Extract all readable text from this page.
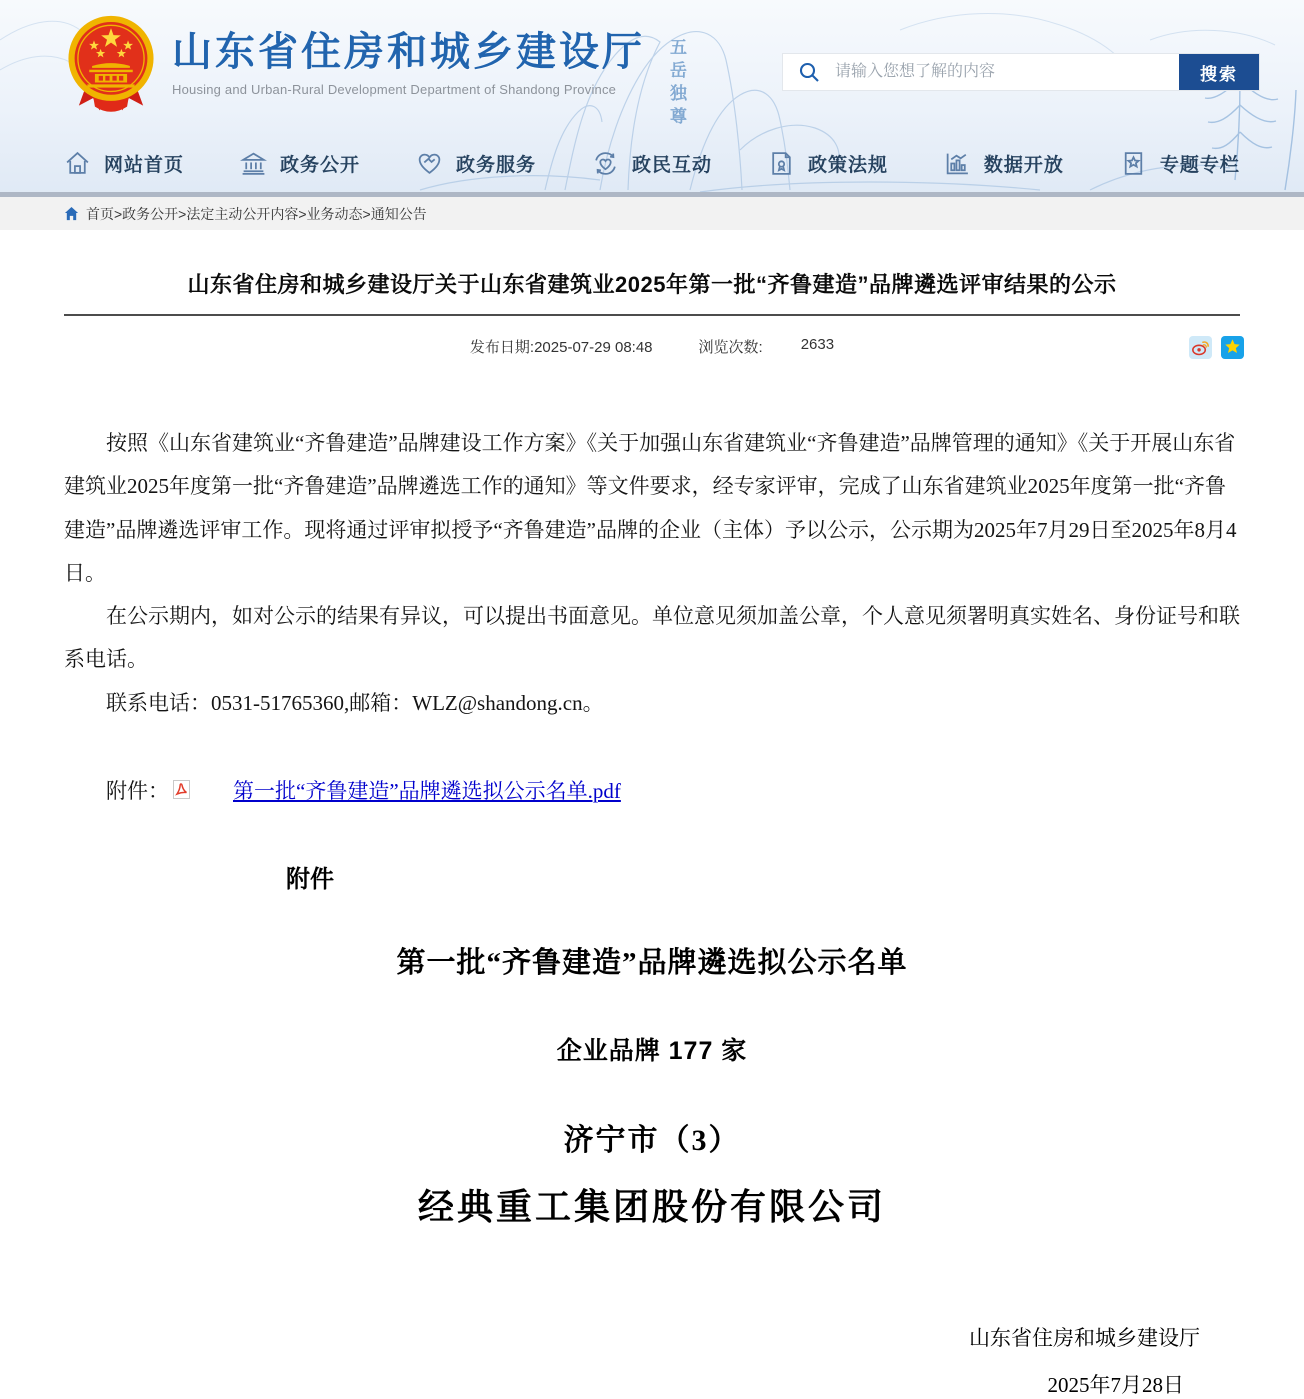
五岳独尊
山东省住房和城乡建设厅
Housing and Urban-Rural Development Department of Shandong Province
请输入您想了解的内容
搜索
网站首页	政务公开	政务服务	政民互动	政策法规	数据开放	专题专栏
首页>政务公开>法定主动公开内容>业务动态>通知公告
山东省住房和城乡建设厅关于山东省建筑业2025年第一批“齐鲁建造”品牌遴选评审结果的公示
发布日期:2025-07-29 08:48	浏览次数:	2633

按照《山东省建筑业“齐鲁建造”品牌建设工作方案》《关于加强山东省建筑业“齐鲁建造”品牌管理的通知》《关于开展山东省建筑业2025年度第一批“齐鲁建造”品牌遴选工作的通知》等文件要求，经专家评审，完成了山东省建筑业2025年度第一批“齐鲁建造”品牌遴选评审工作。现将通过评审拟授予“齐鲁建造”品牌的企业（主体）予以公示，公示期为2025年7月29日至2025年8月4日。

在公示期内，如对公示的结果有异议，可以提出书面意见。单位意见须加盖公章，个人意见须署明真实姓名、身份证号和联系电话。

联系电话：0531-51765360,邮箱：WLZ@shandong.cn。

附件：	第一批“齐鲁建造”品牌遴选拟公示名单.pdf
附件
第一批“齐鲁建造”品牌遴选拟公示名单
企业品牌 177 家
济宁市（3）
经典重工集团股份有限公司
山东省住房和城乡建设厅
2025年7月28日
